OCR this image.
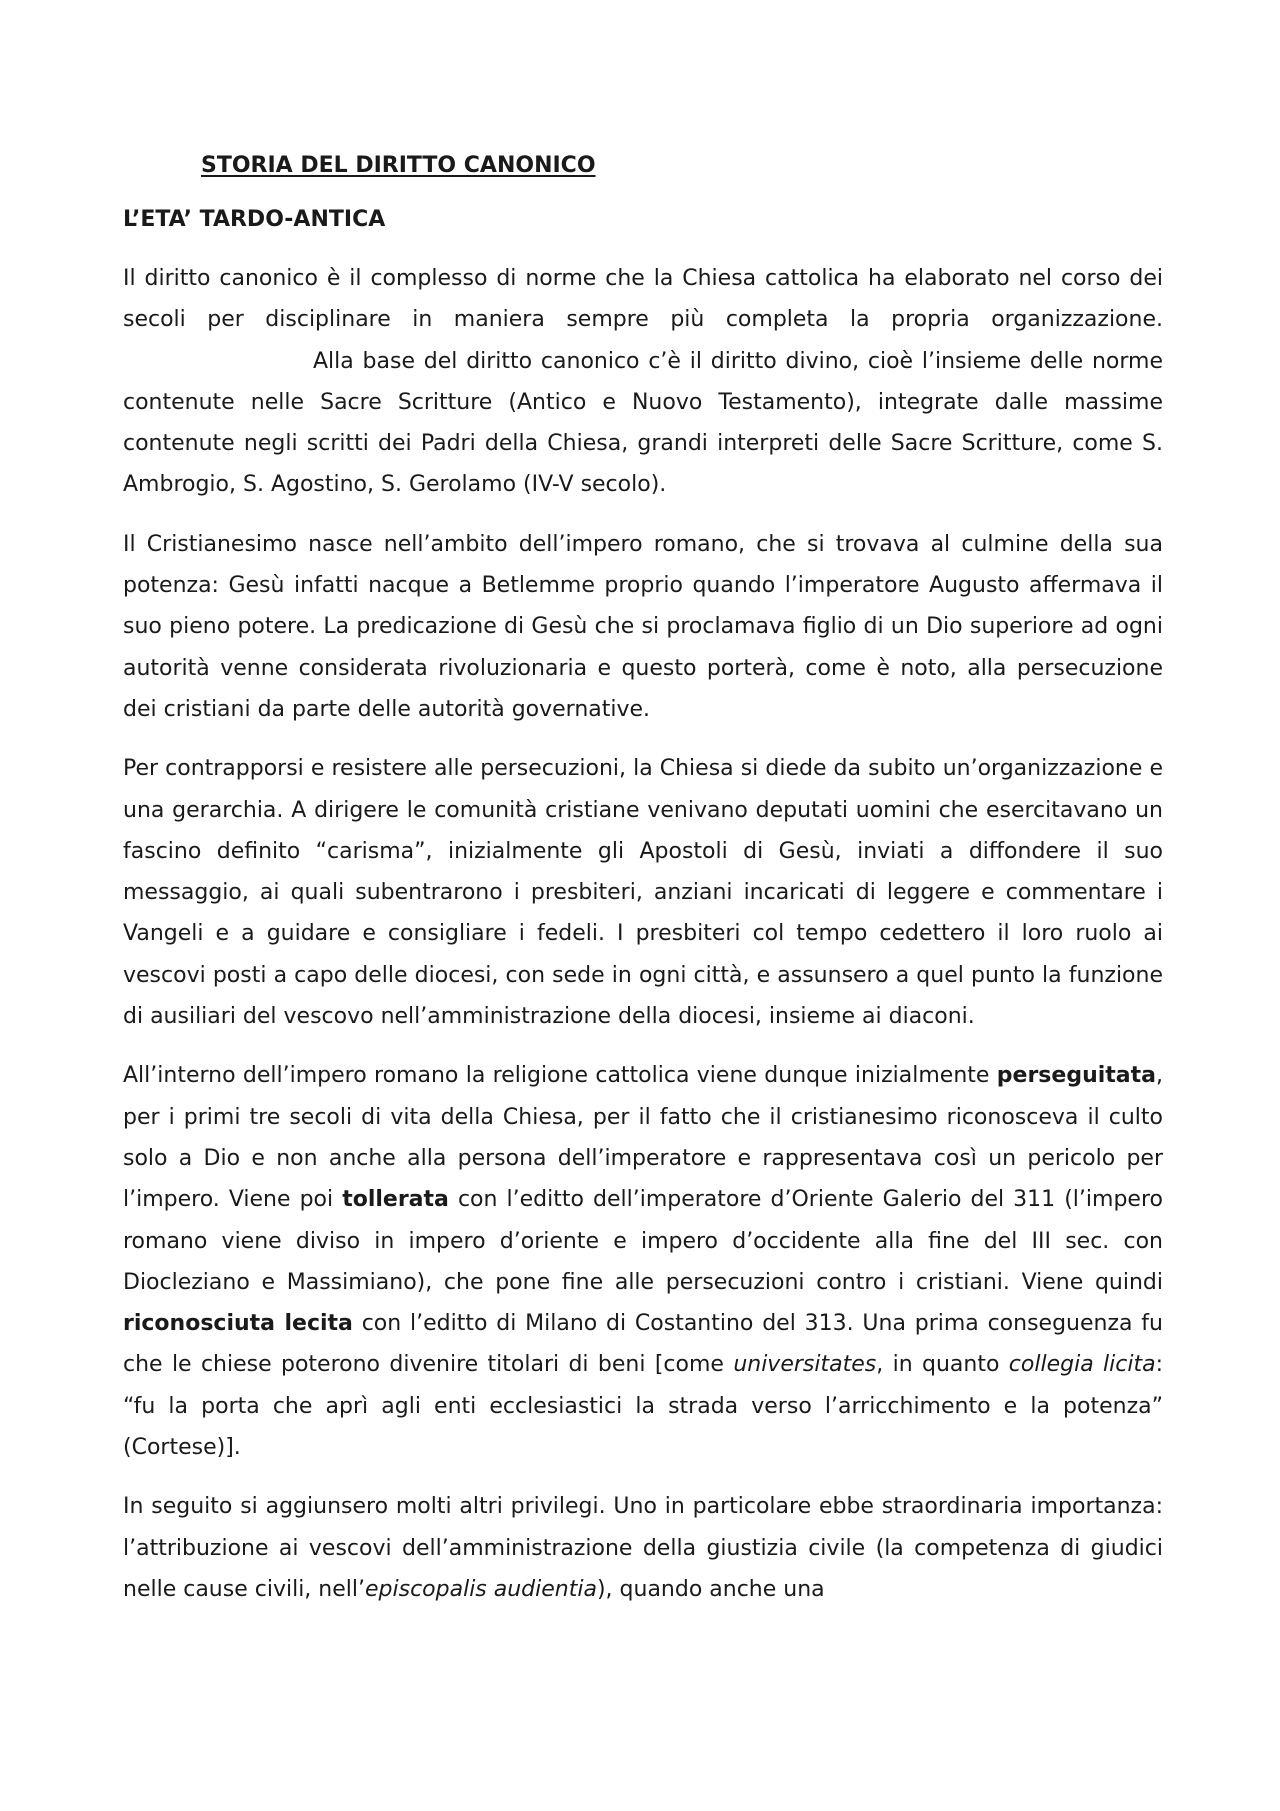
STORIA DEL DIRITTO CANONICO
L’ETA’ TARDO-ANTICA

Il diritto canonico è il complesso di norme che la Chiesa cattolica ha elaborato nel corso dei secoli per disciplinare in maniera sempre più completa la propria organizzazione.Alla base del diritto canonico c’è il diritto divino, cioè l’insieme delle norme contenute nelle Sacre Scritture (Antico e Nuovo Testamento), integrate dalle massime contenute negli scritti dei Padri della Chiesa, grandi interpreti delle Sacre Scritture, come S. Ambrogio, S. Agostino, S. Gerolamo (IV-V secolo).

Il Cristianesimo nasce nell’ambito dell’impero romano, che si trovava al culmine della sua potenza: Gesù infatti nacque a Betlemme proprio quando l’imperatore Augusto affermava il suo pieno potere. La predicazione di Gesù che si proclamava figlio di un Dio superiore ad ogni autorità venne considerata rivoluzionaria e questo porterà, come è noto, alla persecuzione dei cristiani da parte delle autorità governative.

Per contrapporsi e resistere alle persecuzioni, la Chiesa si diede da subito un’organizzazione e una gerarchia. A dirigere le comunità cristiane venivano deputati uomini che esercitavano un fascino definito “carisma”, inizialmente gli Apostoli di Gesù, inviati a diffondere il suo messaggio, ai quali subentrarono i presbiteri, anziani incaricati di leggere e commentare i Vangeli e a guidare e consigliare i fedeli. I presbiteri col tempo cedettero il loro ruolo ai vescovi posti a capo delle diocesi, con sede in ogni città, e assunsero a quel punto la funzione di ausiliari del vescovo nell’amministrazione della diocesi, insieme ai diaconi.

All’interno dell’impero romano la religione cattolica viene dunque inizialmente perseguitata, per i primi tre secoli di vita della Chiesa, per il fatto che il cristianesimo riconosceva il culto solo a Dio e non anche alla persona dell’imperatore e rappresentava così un pericolo per l’impero. Viene poi tollerata con l’editto dell’imperatore d’Oriente Galerio del 311 (l’impero romano viene diviso in impero d’oriente e impero d’occidente alla fine del III sec. con Diocleziano e Massimiano), che pone fine alle persecuzioni contro i cristiani. Viene quindi riconosciuta lecita con l’editto di Milano di Costantino del 313. Una prima conseguenza fu che le chiese poterono divenire titolari di beni [come universitates, in quanto collegia licita: “fu la porta che aprì agli enti ecclesiastici la strada verso l’arricchimento e la potenza” (Cortese)].

In seguito si aggiunsero molti altri privilegi. Uno in particolare ebbe straordinaria importanza: l’attribuzione ai vescovi dell’amministrazione della giustizia civile (la competenza di giudici nelle cause civili, nell’episcopalis audientia), quando anche una
